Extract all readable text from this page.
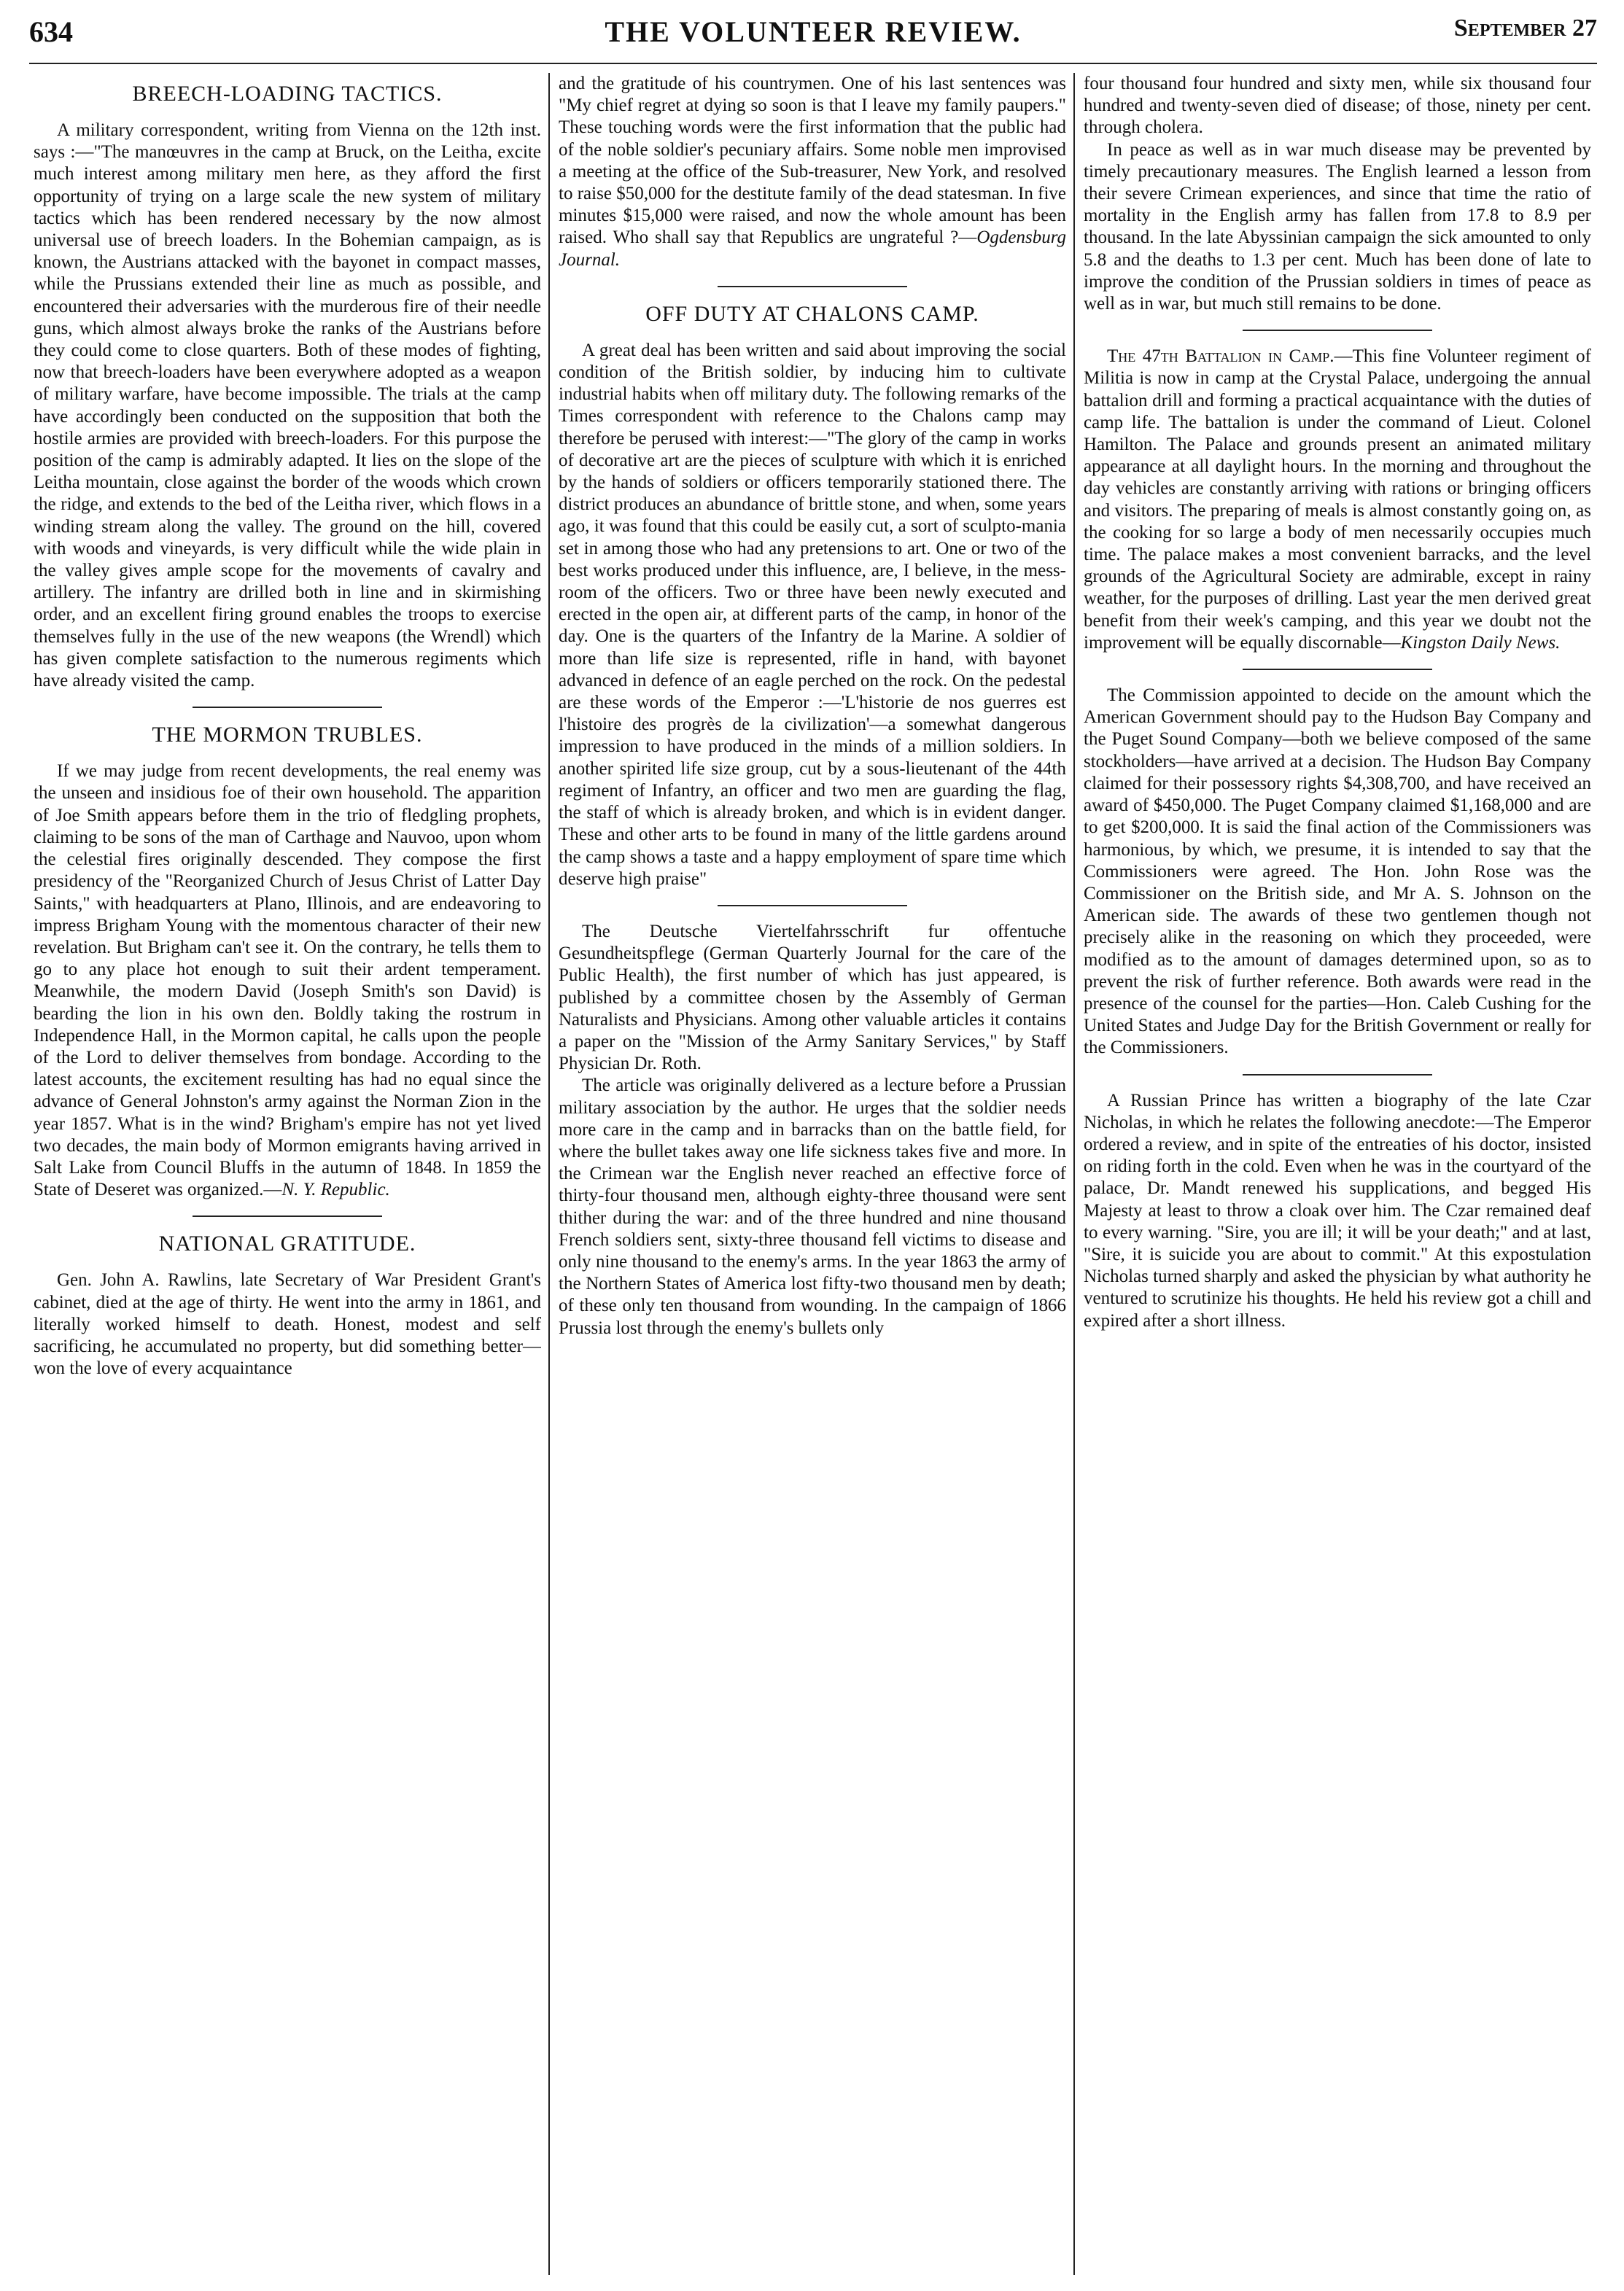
634	THE VOLUNTEER REVIEW.	September 27
BREECH-LOADING TACTICS.

A military correspondent, writing from Vienna on the 12th inst. says :—"The manœuvres in the camp at Bruck, on the Leitha, excite much interest among military men here, as they afford the first opportunity of trying on a large scale the new system of military tactics which has been rendered necessary by the now almost universal use of breech loaders. In the Bohemian campaign, as is known, the Austrians attacked with the bayonet in compact masses, while the Prussians extended their line as much as possible, and encountered their adversaries with the murderous fire of their needle guns, which almost always broke the ranks of the Austrians before they could come to close quarters. Both of these modes of fighting, now that breech-loaders have been everywhere adopted as a weapon of military warfare, have become impossible. The trials at the camp have accordingly been conducted on the supposition that both the hostile armies are provided with breech-loaders. For this purpose the position of the camp is admirably adapted. It lies on the slope of the Leitha mountain, close against the border of the woods which crown the ridge, and extends to the bed of the Leitha river, which flows in a winding stream along the valley. The ground on the hill, covered with woods and vineyards, is very difficult while the wide plain in the valley gives ample scope for the movements of cavalry and artillery. The infantry are drilled both in line and in skirmishing order, and an excellent firing ground enables the troops to exercise themselves fully in the use of the new weapons (the Wrendl) which has given complete satisfaction to the numerous regiments which have already visited the camp.

THE MORMON TRUBLES.

If we may judge from recent developments, the real enemy was the unseen and insidious foe of their own household. The apparition of Joe Smith appears before them in the trio of fledgling prophets, claiming to be sons of the man of Carthage and Nauvoo, upon whom the celestial fires originally descended. They compose the first presidency of the "Reorganized Church of Jesus Christ of Latter Day Saints," with headquarters at Plano, Illinois, and are endeavoring to impress Brigham Young with the momentous character of their new revelation. But Brigham can't see it. On the contrary, he tells them to go to any place hot enough to suit their ardent temperament. Meanwhile, the modern David (Joseph Smith's son David) is bearding the lion in his own den. Boldly taking the rostrum in Independence Hall, in the Mormon capital, he calls upon the people of the Lord to deliver themselves from bondage. According to the latest accounts, the excitement resulting has had no equal since the advance of General Johnston's army against the Norman Zion in the year 1857. What is in the wind? Brigham's empire has not yet lived two decades, the main body of Mormon emigrants having arrived in Salt Lake from Council Bluffs in the autumn of 1848. In 1859 the State of Deseret was organized.—N. Y. Republic.

NATIONAL GRATITUDE.

Gen. John A. Rawlins, late Secretary of War President Grant's cabinet, died at the age of thirty. He went into the army in 1861, and literally worked himself to death. Honest, modest and self sacrificing, he accumulated no property, but did something better—won the love of every acquaintance

and the gratitude of his countrymen. One of his last sentences was "My chief regret at dying so soon is that I leave my family paupers." These touching words were the first information that the public had of the noble soldier's pecuniary affairs. Some noble men improvised a meeting at the office of the Sub-treasurer, New York, and resolved to raise $50,000 for the destitute family of the dead statesman. In five minutes $15,000 were raised, and now the whole amount has been raised. Who shall say that Republics are ungrateful ?—Ogdensburg Journal.

OFF DUTY AT CHALONS CAMP.

A great deal has been written and said about improving the social condition of the British soldier, by inducing him to cultivate industrial habits when off military duty. The following remarks of the Times correspondent with reference to the Chalons camp may therefore be perused with interest:—"The glory of the camp in works of decorative art are the pieces of sculpture with which it is enriched by the hands of soldiers or officers temporarily stationed there. The district produces an abundance of brittle stone, and when, some years ago, it was found that this could be easily cut, a sort of sculpto-mania set in among those who had any pretensions to art. One or two of the best works produced under this influence, are, I believe, in the mess-room of the officers. Two or three have been newly executed and erected in the open air, at different parts of the camp, in honor of the day. One is the quarters of the Infantry de la Marine. A soldier of more than life size is represented, rifle in hand, with bayonet advanced in defence of an eagle perched on the rock. On the pedestal are these words of the Emperor :—'L'historie de nos guerres est l'histoire des progrès de la civilization'—a somewhat dangerous impression to have produced in the minds of a million soldiers. In another spirited life size group, cut by a sous-lieutenant of the 44th regiment of Infantry, an officer and two men are guarding the flag, the staff of which is already broken, and which is in evident danger. These and other arts to be found in many of the little gardens around the camp shows a taste and a happy employment of spare time which deserve high praise"

The Deutsche Viertelfahrsschrift fur offentuche Gesundheitspflege (German Quarterly Journal for the care of the Public Health), the first number of which has just appeared, is published by a committee chosen by the Assembly of German Naturalists and Physicians. Among other valuable articles it contains a paper on the "Mission of the Army Sanitary Services," by Staff Physician Dr. Roth.

The article was originally delivered as a lecture before a Prussian military association by the author. He urges that the soldier needs more care in the camp and in barracks than on the battle field, for where the bullet takes away one life sickness takes five and more. In the Crimean war the English never reached an effective force of thirty-four thousand men, although eighty-three thousand were sent thither during the war: and of the three hundred and nine thousand French soldiers sent, sixty-three thousand fell victims to disease and only nine thousand to the enemy's arms. In the year 1863 the army of the Northern States of America lost fifty-two thousand men by death; of these only ten thousand from wounding. In the campaign of 1866 Prussia lost through the enemy's bullets only

four thousand four hundred and sixty men, while six thousand four hundred and twenty-seven died of disease; of those, ninety per cent. through cholera.

In peace as well as in war much disease may be prevented by timely precautionary measures. The English learned a lesson from their severe Crimean experiences, and since that time the ratio of mortality in the English army has fallen from 17.8 to 8.9 per thousand. In the late Abyssinian campaign the sick amounted to only 5.8 and the deaths to 1.3 per cent. Much has been done of late to improve the condition of the Prussian soldiers in times of peace as well as in war, but much still remains to be done.

The 47th Battalion in Camp.—This fine Volunteer regiment of Militia is now in camp at the Crystal Palace, undergoing the annual battalion drill and forming a practical acquaintance with the duties of camp life. The battalion is under the command of Lieut. Colonel Hamilton. The Palace and grounds present an animated military appearance at all daylight hours. In the morning and throughout the day vehicles are constantly arriving with rations or bringing officers and visitors. The preparing of meals is almost constantly going on, as the cooking for so large a body of men necessarily occupies much time. The palace makes a most convenient barracks, and the level grounds of the Agricultural Society are admirable, except in rainy weather, for the purposes of drilling. Last year the men derived great benefit from their week's camping, and this year we doubt not the improvement will be equally discornable—Kingston Daily News.

The Commission appointed to decide on the amount which the American Government should pay to the Hudson Bay Company and the Puget Sound Company—both we believe composed of the same stockholders—have arrived at a decision. The Hudson Bay Company claimed for their possessory rights $4,308,700, and have received an award of $450,000. The Puget Company claimed $1,168,000 and are to get $200,000. It is said the final action of the Commissioners was harmonious, by which, we presume, it is intended to say that the Commissioners were agreed. The Hon. John Rose was the Commissioner on the British side, and Mr A. S. Johnson on the American side. The awards of these two gentlemen though not precisely alike in the reasoning on which they proceeded, were modified as to the amount of damages determined upon, so as to prevent the risk of further reference. Both awards were read in the presence of the counsel for the parties—Hon. Caleb Cushing for the United States and Judge Day for the British Government or really for the Commissioners.

A Russian Prince has written a biography of the late Czar Nicholas, in which he relates the following anecdote:—The Emperor ordered a review, and in spite of the entreaties of his doctor, insisted on riding forth in the cold. Even when he was in the courtyard of the palace, Dr. Mandt renewed his supplications, and begged His Majesty at least to throw a cloak over him. The Czar remained deaf to every warning. "Sire, you are ill; it will be your death;" and at last, "Sire, it is suicide you are about to commit." At this expostulation Nicholas turned sharply and asked the physician by what authority he ventured to scrutinize his thoughts. He held his review got a chill and expired after a short illness.
